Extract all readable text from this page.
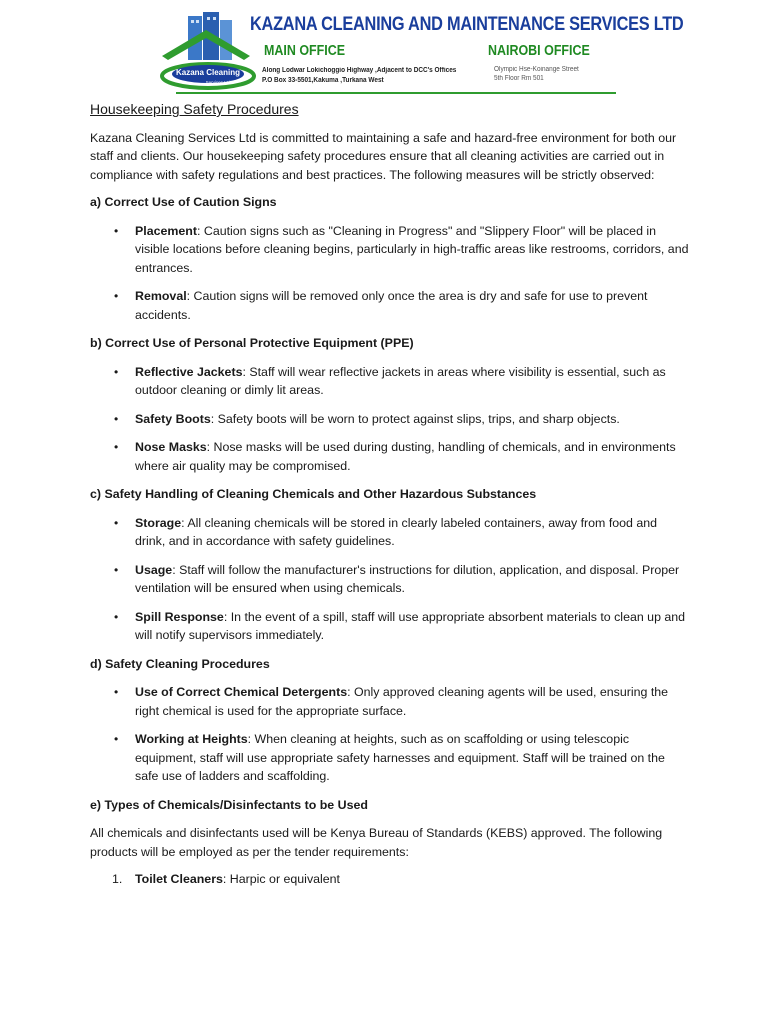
Kazana Cleaning
Services Ltd
KAZANA CLEANING AND MAINTENANCE SERVICES LTD
MAIN OFFICE
Along Lodwar Lokichoggio Highway ,Adjacent to DCC's Offices
P.O Box 33-5501,Kakuma ,Turkana West
NAIROBI OFFICE
Olympic Hse-Koinange Street
5th Floor Rm 501
Housekeeping Safety Procedures

Kazana Cleaning Services Ltd is committed to maintaining a safe and hazard-free environment for both our staff and clients. Our housekeeping safety procedures ensure that all cleaning activities are carried out in compliance with safety regulations and best practices. The following measures will be strictly observed:

a) Correct Use of Caution Signs

• Placement: Caution signs such as "Cleaning in Progress" and "Slippery Floor" will be placed in visible locations before cleaning begins, particularly in high-traffic areas like restrooms, corridors, and entrances.
• Removal: Caution signs will be removed only once the area is dry and safe for use to prevent accidents.

b) Correct Use of Personal Protective Equipment (PPE)

• Reflective Jackets: Staff will wear reflective jackets in areas where visibility is essential, such as outdoor cleaning or dimly lit areas.
• Safety Boots: Safety boots will be worn to protect against slips, trips, and sharp objects.
• Nose Masks: Nose masks will be used during dusting, handling of chemicals, and in environments where air quality may be compromised.

c) Safety Handling of Cleaning Chemicals and Other Hazardous Substances

• Storage: All cleaning chemicals will be stored in clearly labeled containers, away from food and drink, and in accordance with safety guidelines.
• Usage: Staff will follow the manufacturer's instructions for dilution, application, and disposal. Proper ventilation will be ensured when using chemicals.
• Spill Response: In the event of a spill, staff will use appropriate absorbent materials to clean up and will notify supervisors immediately.

d) Safety Cleaning Procedures

• Use of Correct Chemical Detergents: Only approved cleaning agents will be used, ensuring the right chemical is used for the appropriate surface.
• Working at Heights: When cleaning at heights, such as on scaffolding or using telescopic equipment, staff will use appropriate safety harnesses and equipment. Staff will be trained on the safe use of ladders and scaffolding.

e) Types of Chemicals/Disinfectants to be Used

All chemicals and disinfectants used will be Kenya Bureau of Standards (KEBS) approved. The following products will be employed as per the tender requirements:

1. Toilet Cleaners: Harpic or equivalent
